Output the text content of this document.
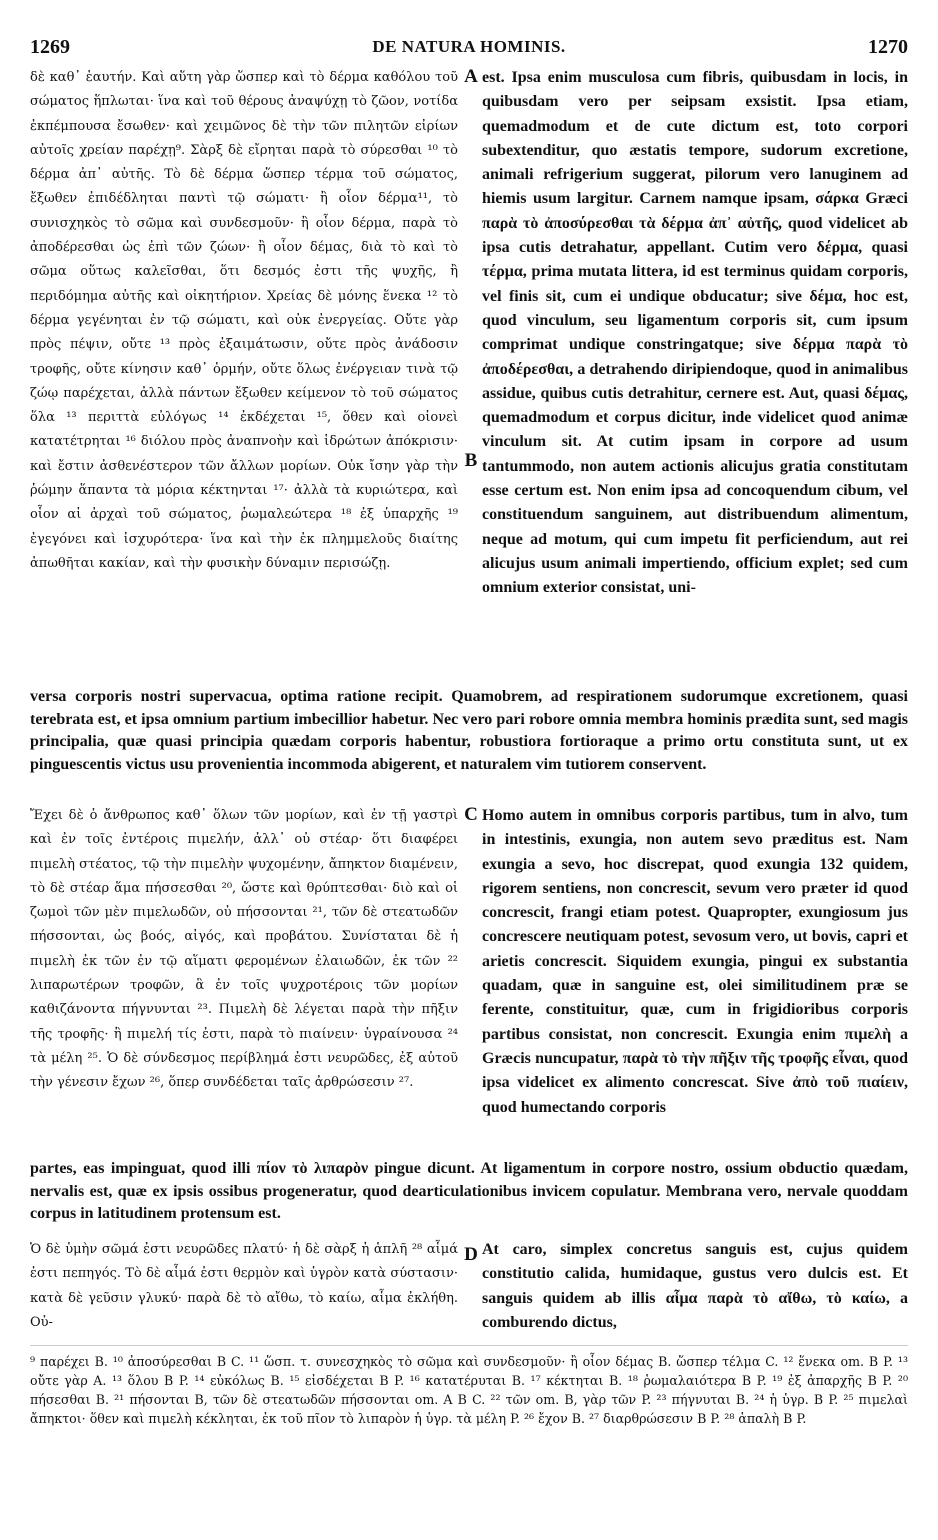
1269	DE NATURA HOMINIS.	1270
δὲ καθ᾽ ἑαυτήν. Καὶ αὕτη γὰρ ὥσπερ καὶ τὸ δέρμα καθόλου τοῦ σώματος ἥπλωται· ἵνα καὶ τοῦ θέρους ἀναψύχῃ τὸ ζῶον, νοτίδα ἐκπέμπουσα ἔσωθεν· καὶ χειμῶνος δὲ τὴν τῶν πιλητῶν εἰρίων αὐτοῖς χρείαν παρέχῃ⁹. Σὰρξ δὲ εἴρηται παρὰ τὸ σύρεσθαι ¹⁰ τὸ δέρμα ἀπ᾽ αὐτῆς. Τὸ δὲ δέρμα ὥσπερ τέρμα τοῦ σώματος, ἔξωθεν ἐπιδέδληται παντὶ τῷ σώματι· ἢ οἷον δέρμα¹¹, τὸ συνισχηκὸς τὸ σῶμα καὶ συνδεσμοῦν· ἢ οἷον δέρμα, παρὰ τὸ ἀποδέρεσθαι ὡς ἐπὶ τῶν ζώων· ἢ οἷον δέμας, διὰ τὸ καὶ τὸ σῶμα οὕτως καλεῖσθαι, ὅτι δεσμός ἐστι τῆς ψυχῆς, ἢ περιδόμημα αὐτῆς καὶ οἰκητήριον. Χρείας δὲ μόνης ἕνεκα ¹² τὸ δέρμα γεγένηται ἐν τῷ σώματι, καὶ οὐκ ἐνεργείας. Οὔτε γὰρ πρὸς πέψιν, οὔτε ¹³ πρὸς ἐξαιμάτωσιν, οὔτε πρὸς ἀνάδοσιν τροφῆς, οὔτε κίνησιν καθ᾽ ὁρμήν, οὔτε ὅλως ἐνέργειαν τινὰ τῷ ζώῳ παρέχεται, ἀλλὰ πάντων ἔξωθεν κείμενον τὸ τοῦ σώματος ὅλα ¹³ περιττὰ εὐλόγως ¹⁴ ἐκδέχεται ¹⁵, ὅθεν καὶ οἱονεὶ κατατέτρηται ¹⁶ διόλου πρὸς ἀναπνοὴν καὶ ἱδρώτων ἀπόκρισιν· καὶ ἔστιν ἀσθενέστερον τῶν ἄλλων μορίων. Οὐκ ἴσην γὰρ τὴν ῥώμην ἅπαντα τὰ μόρια κέκτηνται ¹⁷· ἀλλὰ τὰ κυριώτερα, καὶ οἷον αἱ ἀρχαὶ τοῦ σώματος, ῥωμαλεώτερα ¹⁸ ἐξ ὑπαρχῆς ¹⁹ ἐγεγόνει καὶ ἰσχυρότερα· ἵνα καὶ τὴν ἐκ πλημμελοῦς διαίτης ἀπωθῆται κακίαν, καὶ τὴν φυσικὴν δύναμιν περισώζῃ.
est. Ipsa enim musculosa cum fibris, quibusdam in locis, in quibusdam vero per seipsam exsistit. Ipsa etiam, quemadmodum et de cute dictum est, toto corpori subextenditur, quo æstatis tempore, sudorum excretione, animali refrigerium suggerat, pilorum vero lanuginem ad hiemis usum largitur. Carnem namque ipsam, σάρκα Græci παρὰ τὸ ἀποσύρεσθαι τὰ δέρμα ἀπ᾽ αὐτῆς, quod videlicet ab ipsa cutis detrahatur, appellant. Cutim vero δέρμα, quasi τέρμα, prima mutata littera, id est terminus quidam corporis, vel finis sit, cum ei undique obducatur; sive δέμα, hoc est, quod vinculum, seu ligamentum corporis sit, cum ipsum comprimat undique constringatque; sive δέρμα παρὰ τὸ ἀποδέρεσθαι, a detrahendo diripiendoque, quod in animalibus assidue, quibus cutis detrahitur, cernere est. Aut, quasi δέμας, quemadmodum et corpus dicitur, inde videlicet quod animæ vinculum sit. At cutim ipsam in corpore ad usum tantummodo, non autem actionis alicujus gratia constitutam esse certum est. Non enim ipsa ad concoquendum cibum, vel constituendum sanguinem, aut distribuendum alimentum, neque ad motum, qui cum impetu fit perficiendum, aut rei alicujus usum animali impertiendo, officium explet; sed cum omnium exterior consistat, uni-
A
B
versa corporis nostri supervacua, optima ratione recipit. Quamobrem, ad respirationem sudorumque excretionem, quasi terebrata est, et ipsa omnium partium imbecillior habetur. Nec vero pari robore omnia membra hominis prædita sunt, sed magis principalia, quæ quasi principia quædam corporis habentur, robustiora fortioraque a primo ortu constituta sunt, ut ex pinguescentis victus usu provenientia incommoda abigerent, et naturalem vim tutiorem conservent.
Ἔχει δὲ ὁ ἄνθρωπος καθ᾽ ὅλων τῶν μορίων, καὶ ἐν τῇ γαστρὶ καὶ ἐν τοῖς ἐντέροις πιμελήν, ἀλλ᾽ οὐ στέαρ· ὅτι διαφέρει πιμελὴ στέατος, τῷ τὴν πιμελὴν ψυχομένην, ἄπηκτον διαμένειν, τὸ δὲ στέαρ ἅμα πήσσεσθαι ²⁰, ὥστε καὶ θρύπτεσθαι· διὸ καὶ οἱ ζωμοὶ τῶν μὲν πιμελωδῶν, οὐ πήσσονται ²¹, τῶν δὲ στεατωδῶν πήσσονται, ὡς βοός, αἰγός, καὶ προβάτου. Συνίσταται δὲ ἡ πιμελὴ ἐκ τῶν ἐν τῷ αἵματι φερομένων ἐλαιωδῶν, ἐκ τῶν ²² λιπαρωτέρων τροφῶν, ἃ ἐν τοῖς ψυχροτέροις τῶν μορίων καθιζάνοντα πήγνυνται ²³. Πιμελὴ δὲ λέγεται παρὰ τὴν πῆξιν τῆς τροφῆς· ἢ πιμελή τίς ἐστι, παρὰ τὸ πιαίνειν· ὑγραίνουσα ²⁴ τὰ μέλη ²⁵. Ὁ δὲ σύνδεσμος περίβλημά ἐστι νευρῶδες, ἐξ αὐτοῦ τὴν γένεσιν ἔχων ²⁶, ὅπερ συνδέδεται ταῖς ἀρθρώσεσιν ²⁷.
Homo autem in omnibus corporis partibus, tum in alvo, tum in intestinis, exungia, non autem sevo præditus est. Nam exungia a sevo, hoc discrepat, quod exungia 132 quidem, rigorem sentiens, non concrescit, sevum vero præter id quod concrescit, frangi etiam potest. Quapropter, exungiosum jus concrescere neutiquam potest, sevosum vero, ut bovis, capri et arietis concrescit. Siquidem exungia, pingui ex substantia quadam, quæ in sanguine est, olei similitudinem præ se ferente, constituitur, quæ, cum in frigidioribus corporis partibus consistat, non concrescit. Exungia enim πιμελὴ a Græcis nuncupatur, παρὰ τὸ τὴν πῆξιν τῆς τροφῆς εἶναι, quod ipsa videlicet ex alimento concrescat. Sive ἀπὸ τοῦ πιαίειν, quod humectando corporis
C
partes, eas impinguat, quod illi πίον τὸ λιπαρὸν pingue dicunt. At ligamentum in corpore nostro, ossium obductio quædam, nervalis est, quæ ex ipsis ossibus progeneratur, quod dearticulationibus invicem copulatur. Membrana vero, nervale quoddam corpus in latitudinem protensum est.
Ὁ δὲ ὑμὴν σῶμά ἐστι νευρῶδες πλατύ· ἡ δὲ σὰρξ ἡ ἁπλῆ ²⁸ αἷμά ἐστι πεπηγός. Τὸ δὲ αἷμά ἐστι θερμὸν καὶ ὑγρὸν κατὰ σύστασιν· κατὰ δὲ γεῦσιν γλυκύ· παρὰ δὲ τὸ αἴθω, τὸ καίω, αἷμα ἐκλήθη. Οὐ-
At caro, simplex concretus sanguis est, cujus quidem constitutio calida, humidaque, gustus vero dulcis est. Et sanguis quidem ab illis αἷμα παρὰ τὸ αἴθω, τὸ καίω, a comburendo dictus,
D
⁹ παρέχει B. ¹⁰ ἀποσύρεσθαι B C. ¹¹ ὥσπ. τ. συνεσχηκὸς τὸ σῶμα καὶ συνδεσμοῦν· ἢ οἷον δέμας B. ὥσπερ τέλμα C. ¹² ἕνεκα om. B P. ¹³ οὔτε γὰρ A. ¹³ ὅλου B P. ¹⁴ εὐκόλως B. ¹⁵ εἰσδέχεται B P. ¹⁶ κατατέρυται B. ¹⁷ κέκτηται B. ¹⁸ ῥωμαλαιότερα B P. ¹⁹ ἐξ ἀπαρχῆς B P. ²⁰ πήσεσθαι B. ²¹ πήσονται B, τῶν δὲ στεατωδῶν πήσσονται om. A B C. ²² τῶν om. B, γὰρ τῶν P. ²³ πήγνυται B. ²⁴ ἡ ὑγρ. B P. ²⁵ πιμελαὶ ἄπηκτοι· ὅθεν καὶ πιμελὴ κέκληται, ἐκ τοῦ πῖον τὸ λιπαρὸν ἡ ὑγρ. τὰ μέλη P. ²⁶ ἔχον B. ²⁷ διαρθρώσεσιν B P. ²⁸ ἁπαλὴ B P.
